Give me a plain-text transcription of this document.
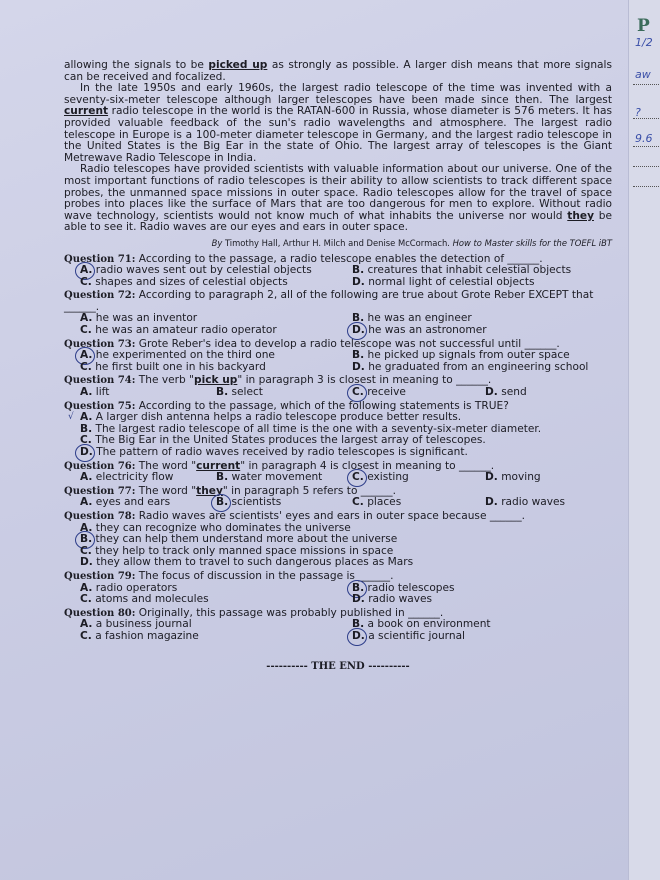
allowing the signals to be picked up as strongly as possible. A larger dish means that more signals can be received and focalized.

In the late 1950s and early 1960s, the largest radio telescope of the time was invented with a seventy-six-meter telescope although larger telescopes have been made since then. The largest current radio telescope in the world is the RATAN-600 in Russia, whose diameter is 576 meters. It has provided valuable feedback of the sun's radio wavelengths and atmosphere. The largest radio telescope in Europe is a 100-meter diameter telescope in Germany, and the largest radio telescope in the United States is the Big Ear in the state of Ohio. The largest array of telescopes is the Giant Metrewave Radio Telescope in India.

Radio telescopes have provided scientists with valuable information about our universe. One of the most important functions of radio telescopes is their ability to allow scientists to track different space probes, the unmanned space missions in outer space. Radio telescopes allow for the travel of space probes into places like the surface of Mars that are too dangerous for men to explore. Without radio wave technology, scientists would not know much of what inhabits the universe nor would they be able to see it. Radio waves are our eyes and ears in outer space.

By Timothy Hall, Arthur H. Milch and Denise McCormach. How to Master skills for the TOEFL iBT
Question 71: According to the passage, a radio telescope enables the detection of ______.
A. radio waves sent out by celestial objects	B. creatures that inhabit celestial objects
C. shapes and sizes of celestial objects	D. normal light of celestial objects
Question 72: According to paragraph 2, all of the following are true about Grote Reber EXCEPT that ______.
A. he was an inventor	B. he was an engineer
C. he was an amateur radio operator	D. he was an astronomer
Question 73: Grote Reber's idea to develop a radio telescope was not successful until ______.
A. he experimented on the third one	B. he picked up signals from outer space
C. he first built one in his backyard	D. he graduated from an engineering school
Question 74: The verb "pick up" in paragraph 3 is closest in meaning to ______.
A. lift	B. select	C. receive	D. send
Question 75: According to the passage, which of the following statements is TRUE?
√ A. A larger dish antenna helps a radio telescope produce better results.
B. The largest radio telescope of all time is the one with a seventy-six-meter diameter.
C. The Big Ear in the United States produces the largest array of telescopes.
D. The pattern of radio waves received by radio telescopes is significant.
Question 76: The word "current" in paragraph 4 is closest in meaning to ______.
A. electricity flow	B. water movement	C. existing	D. moving
Question 77: The word "they" in paragraph 5 refers to ______.
A. eyes and ears	B. scientists	C. places	D. radio waves
Question 78: Radio waves are scientists' eyes and ears in outer space because ______.
A. they can recognize who dominates the universe
B. they can help them understand more about the universe
C. they help to track only manned space missions in space
D. they allow them to travel to such dangerous places as Mars
Question 79: The focus of discussion in the passage is ______.
A. radio operators	B. radio telescopes
C. atoms and molecules	D. radio waves
Question 80: Originally, this passage was probably published in ______.
A. a business journal	B. a book on environment
C. a fashion magazine	D. a scientific journal
---------- THE END ----------
P
1/2
aw
?
9.6
